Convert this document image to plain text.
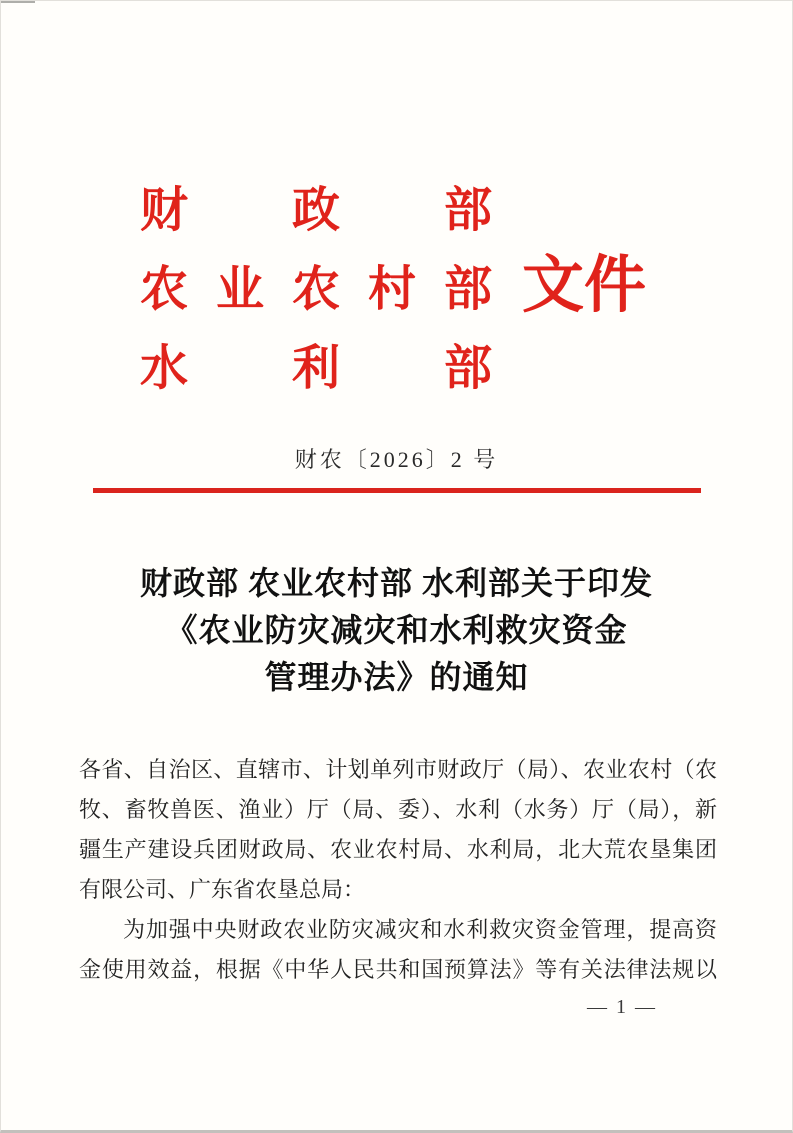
财政部
农业农村部
水利部
文件
财农〔2026〕2 号
财政部 农业农村部 水利部关于印发
《农业防灾减灾和水利救灾资金
管理办法》的通知

各省、自治区、直辖市、计划单列市财政厅（局）、农业农村（农

牧、畜牧兽医、渔业）厅（局、委）、水利（水务）厅（局），新

疆生产建设兵团财政局、农业农村局、水利局，北大荒农垦集团

有限公司、广东省农垦总局：

为加强中央财政农业防灾减灾和水利救灾资金管理，提高资

金使用效益，根据《中华人民共和国预算法》等有关法律法规以

— 1 —
